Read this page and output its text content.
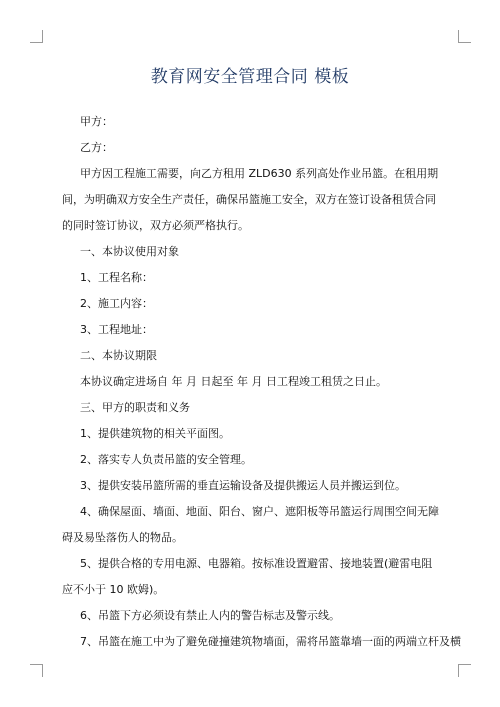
教育网安全管理合同 模板

甲方：

乙方：

甲方因工程施工需要，向乙方租用 ZLD630 系列高处作业吊篮。在租用期间，为明确双方安全生产责任，确保吊篮施工安全，双方在签订设备租赁合同的同时签订协议，双方必须严格执行。

一、本协议使用对象

1、工程名称：

2、施工内容：

3、工程地址：

二、本协议期限

本协议确定进场自 年 月 日起至 年 月 日工程竣工租赁之日止。

三、甲方的职责和义务

1、提供建筑物的相关平面图。

2、落实专人负责吊篮的安全管理。

3、提供安装吊篮所需的垂直运输设备及提供搬运人员并搬运到位。

4、确保屋面、墙面、地面、阳台、窗户、遮阳板等吊篮运行周围空间无障碍及易坠落伤人的物品。

5、提供合格的专用电源、电器箱。按标准设置避雷、接地装置(避雷电阻应不小于 10 欧姆)。

6、吊篮下方必须设有禁止人内的警告标志及警示线。

7、吊篮在施工中为了避免碰撞建筑物墙面，需将吊篮靠墙一面的两端立杆及横
